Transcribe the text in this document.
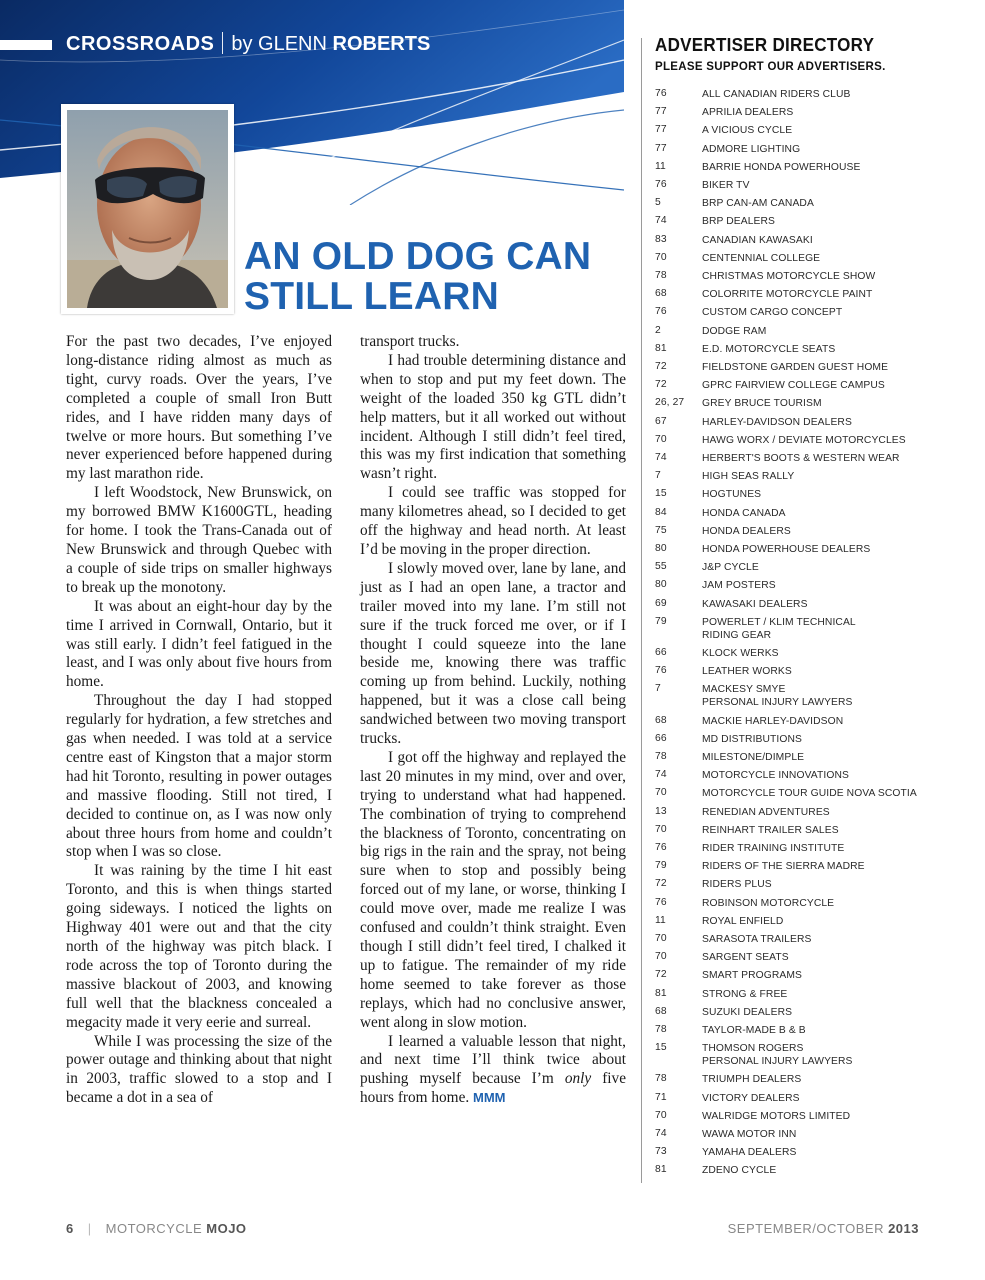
CROSSROADS by GLENN ROBERTS
AN OLD DOG CAN
STILL LEARN

For the past two decades, I’ve enjoyed long-distance riding almost as much as tight, curvy roads. Over the years, I’ve completed a couple of small Iron Butt rides, and I have ridden many days of twelve or more hours. But something I’ve never experienced before happened during my last marathon ride.

I left Woodstock, New Brunswick, on my borrowed BMW K1600GTL, heading for home. I took the Trans-Canada out of New Brunswick and through Quebec with a couple of side trips on smaller highways to break up the monotony.

It was about an eight-hour day by the time I arrived in Cornwall, Ontario, but it was still early. I didn’t feel fatigued in the least, and I was only about five hours from home.

Throughout the day I had stopped regularly for hydration, a few stretches and gas when needed. I was told at a service centre east of Kingston that a major storm had hit Toronto, resulting in power outages and massive flooding. Still not tired, I decided to continue on, as I was now only about three hours from home and couldn’t stop when I was so close.

It was raining by the time I hit east Toronto, and this is when things started going sideways. I noticed the lights on Highway 401 were out and that the city north of the highway was pitch black. I rode across the top of Toronto during the massive blackout of 2003, and knowing full well that the blackness concealed a megacity made it very eerie and surreal.

While I was processing the size of the power outage and thinking about that night in 2003, traffic slowed to a stop and I became a dot in a sea of

transport trucks.

I had trouble determining distance and when to stop and put my feet down. The weight of the loaded 350 kg GTL didn’t help matters, but it all worked out without incident. Although I still didn’t feel tired, this was my first indication that something wasn’t right.

I could see traffic was stopped for many kilometres ahead, so I decided to get off the highway and head north. At least I’d be moving in the proper direction.

I slowly moved over, lane by lane, and just as I had an open lane, a tractor and trailer moved into my lane. I’m still not sure if the truck forced me over, or if I thought I could squeeze into the lane beside me, knowing there was traffic coming up from behind. Luckily, nothing happened, but it was a close call being sandwiched between two moving transport trucks.

I got off the highway and replayed the last 20 minutes in my mind, over and over, trying to understand what had happened. The combination of trying to comprehend the blackness of Toronto, concentrating on big rigs in the rain and the spray, not being sure when to stop and possibly being forced out of my lane, or worse, thinking I could move over, made me realize I was confused and couldn’t think straight. Even though I still didn’t feel tired, I chalked it up to fatigue. The remainder of my ride home seemed to take forever as those replays, which had no conclusive answer, went along in slow motion.

I learned a valuable lesson that night, and next time I’ll think twice about pushing myself because I’m only five hours from home. MMM

ADVERTISER DIRECTORY
PLEASE SUPPORT OUR ADVERTISERS.
76	ALL CANADIAN RIDERS CLUB
77	APRILIA DEALERS
77	A VICIOUS CYCLE
77	ADMORE LIGHTING
11	BARRIE HONDA POWERHOUSE
76	BIKER TV
5	BRP CAN-AM CANADA
74	BRP DEALERS
83	CANADIAN KAWASAKI
70	CENTENNIAL COLLEGE
78	CHRISTMAS MOTORCYCLE SHOW
68	COLORRITE MOTORCYCLE PAINT
76	CUSTOM CARGO CONCEPT
2	DODGE RAM
81	E.D. MOTORCYCLE SEATS
72	FIELDSTONE GARDEN GUEST HOME
72	GPRC FAIRVIEW COLLEGE CAMPUS
26, 27	GREY BRUCE TOURISM
67	HARLEY-DAVIDSON DEALERS
70	HAWG WORX / DEVIATE MOTORCYCLES
74	HERBERT'S BOOTS & WESTERN WEAR
7	HIGH SEAS RALLY
15	HOGTUNES
84	HONDA CANADA
75	HONDA DEALERS
80	HONDA POWERHOUSE DEALERS
55	J&P CYCLE
80	JAM POSTERS
69	KAWASAKI DEALERS
79	POWERLET / KLIM TECHNICAL
RIDING GEAR
66	KLOCK WERKS
76	LEATHER WORKS
7	MACKESY SMYE
PERSONAL INJURY LAWYERS
68	MACKIE HARLEY-DAVIDSON
66	MD DISTRIBUTIONS
78	MILESTONE/DIMPLE
74	MOTORCYCLE INNOVATIONS
70	MOTORCYCLE TOUR GUIDE NOVA SCOTIA
13	RENEDIAN ADVENTURES
70	REINHART TRAILER SALES
76	RIDER TRAINING INSTITUTE
79	RIDERS OF THE SIERRA MADRE
72	RIDERS PLUS
76	ROBINSON MOTORCYCLE
11	ROYAL ENFIELD
70	SARASOTA TRAILERS
70	SARGENT SEATS
72	SMART PROGRAMS
81	STRONG & FREE
68	SUZUKI DEALERS
78	TAYLOR-MADE B & B
15	THOMSON ROGERS
PERSONAL INJURY LAWYERS
78	TRIUMPH DEALERS
71	VICTORY DEALERS
70	WALRIDGE MOTORS LIMITED
74	WAWA MOTOR INN
73	YAMAHA DEALERS
81	ZDENO CYCLE
6 | MOTORCYCLE MOJO	SEPTEMBER/OCTOBER 2013
